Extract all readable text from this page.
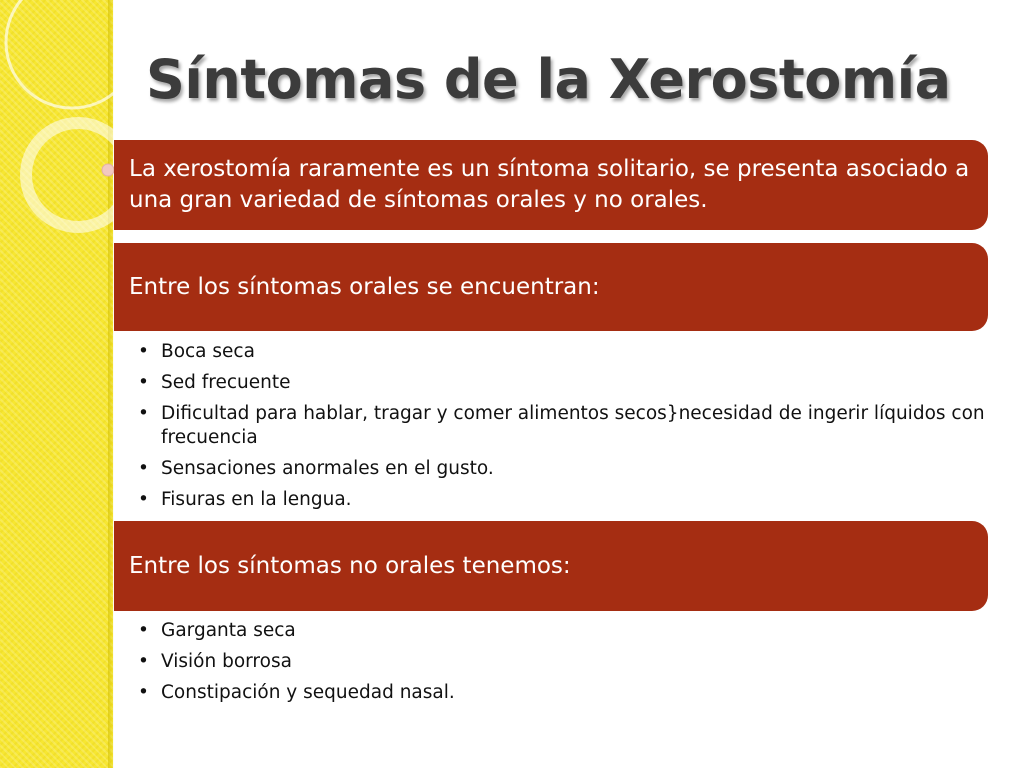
Síntomas de la Xerostomía
La xerostomía raramente es un síntoma solitario, se presenta asociado a una gran variedad de síntomas orales y no orales.
Entre los síntomas orales se encuentran:
• Boca seca
• Sed frecuente
• Dificultad para hablar, tragar y comer alimentos secos}necesidad de ingerir líquidos con frecuencia
• Sensaciones anormales en el gusto.
• Fisuras en la lengua.
Entre los síntomas no orales tenemos:
• Garganta seca
• Visión borrosa
• Constipación y sequedad nasal.
